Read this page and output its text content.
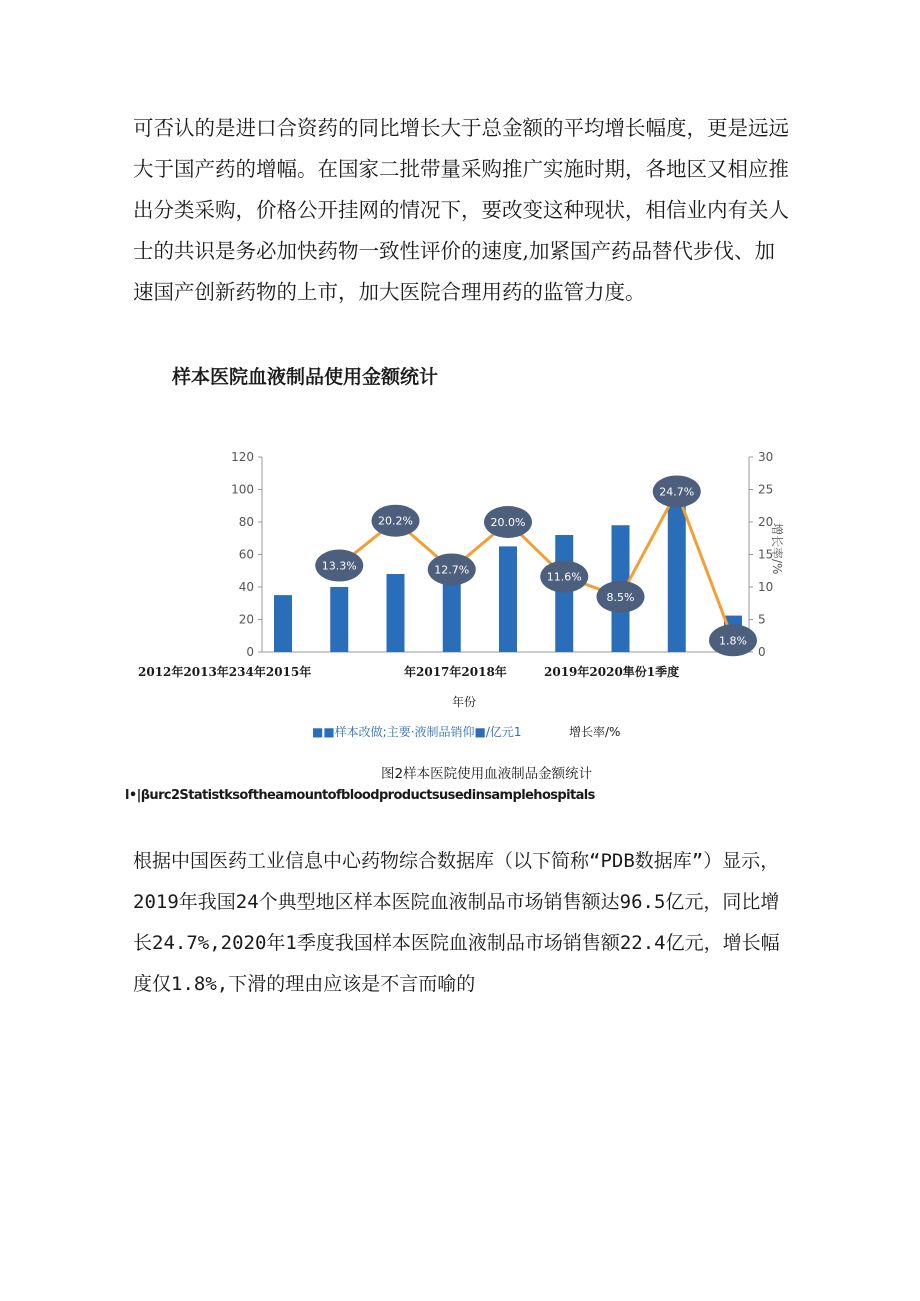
可否认的是进口合资药的同比增长大于总金额的平均增长幅度，更是远远大于国产药的增幅。在国家二批带量采购推广实施时期，各地区又相应推出分类采购，价格公开挂网的情况下，要改变这种现状，相信业内有关人士的共识是务必加快药物一致性评价的速度,加紧国产药品替代步伐、加速国产创新药物的上市，加大医院合理用药的监管力度。

样本医院血液制品使用金额统计
0
20
40
60
80
100
120
0
5
10
15
20
25
30
增长率/%
13.3%
20.2%
12.7%
20.0%
11.6%
8.5%
24.7%
1.8%
2012年2013年234年2015年	年2017年2018年	2019年2020隼份1季度
年份
■■样本改做;主要·液制品销仰■/亿元1	增长率/%
图2样本医院使用血液制品金额统计
l•|βurc2Statistksoftheamountofbloodproductsusedinsamplehospitals

根据中国医药工业信息中心药物综合数据库（以下简称“PDB数据库”）显示，2019年我国24个典型地区样本医院血液制品市场销售额达96.5亿元，同比增长24.7%,2020年1季度我国样本医院血液制品市场销售额22.4亿元，增长幅度仅1.8%,下滑的理由应该是不言而喻的
